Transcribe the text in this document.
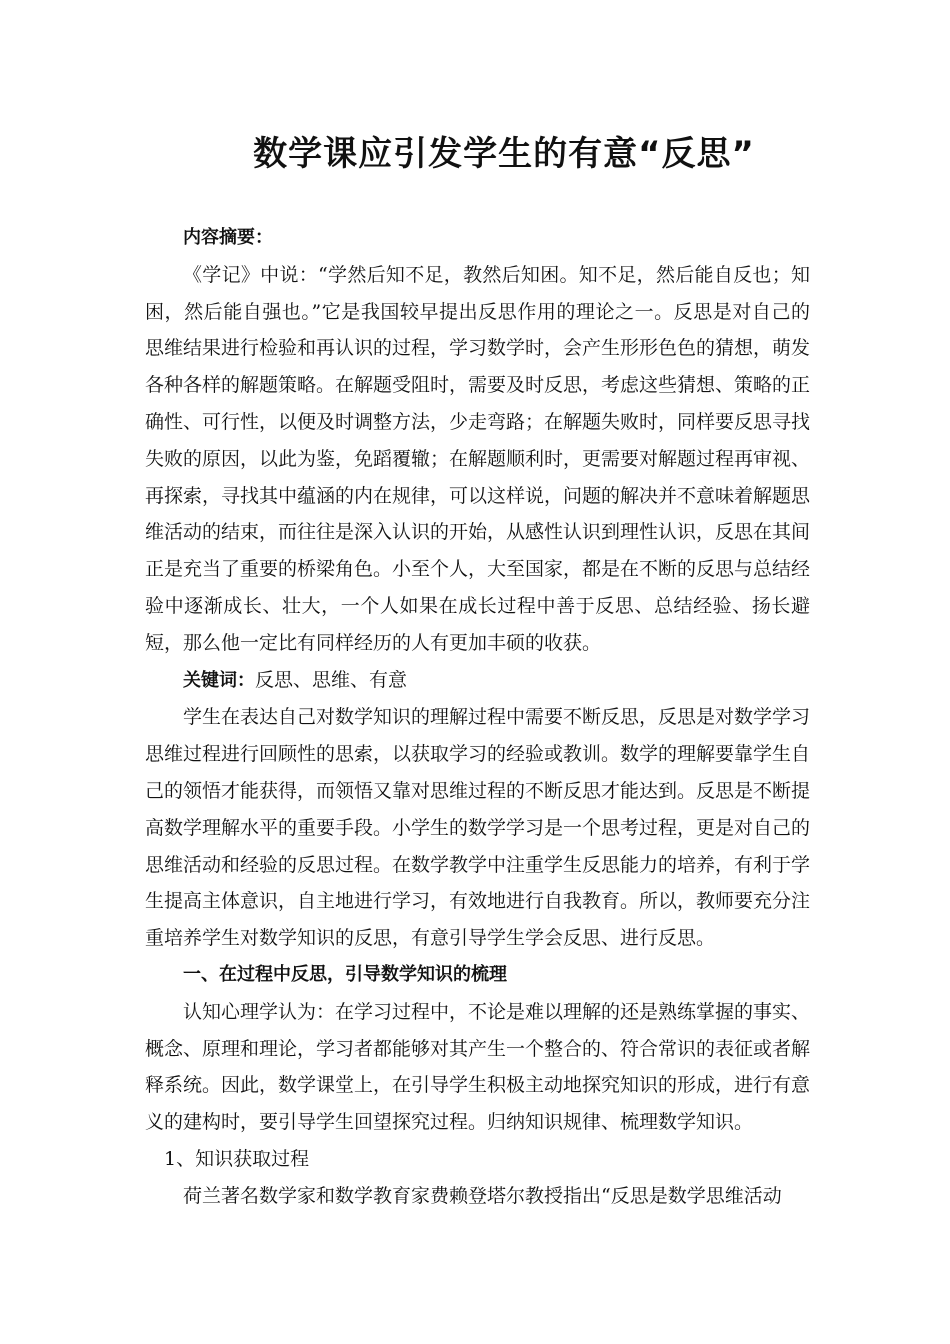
数学课应引发学生的有意“反思”

内容摘要：

《学记》中说：“学然后知不足，教然后知困。知不足，然后能自反也；知困，然后能自强也。”它是我国较早提出反思作用的理论之一。反思是对自己的思维结果进行检验和再认识的过程，学习数学时，会产生形形色色的猜想，萌发各种各样的解题策略。在解题受阻时，需要及时反思，考虑这些猜想、策略的正确性、可行性，以便及时调整方法，少走弯路；在解题失败时，同样要反思寻找失败的原因，以此为鉴，免蹈覆辙；在解题顺利时，更需要对解题过程再审视、再探索，寻找其中蕴涵的内在规律，可以这样说，问题的解决并不意味着解题思维活动的结束，而往往是深入认识的开始，从感性认识到理性认识，反思在其间正是充当了重要的桥梁角色。小至个人，大至国家，都是在不断的反思与总结经验中逐渐成长、壮大，一个人如果在成长过程中善于反思、总结经验、扬长避短，那么他一定比有同样经历的人有更加丰硕的收获。

关键词：反思、思维、有意

学生在表达自己对数学知识的理解过程中需要不断反思，反思是对数学学习思维过程进行回顾性的思索，以获取学习的经验或教训。数学的理解要靠学生自己的领悟才能获得，而领悟又靠对思维过程的不断反思才能达到。反思是不断提高数学理解水平的重要手段。小学生的数学学习是一个思考过程，更是对自己的思维活动和经验的反思过程。在数学教学中注重学生反思能力的培养，有利于学生提高主体意识，自主地进行学习，有效地进行自我教育。所以，教师要充分注重培养学生对数学知识的反思，有意引导学生学会反思、进行反思。

一、在过程中反思，引导数学知识的梳理

认知心理学认为：在学习过程中，不论是难以理解的还是熟练掌握的事实、概念、原理和理论，学习者都能够对其产生一个整合的、符合常识的表征或者解释系统。因此，数学课堂上，在引导学生积极主动地探究知识的形成，进行有意义的建构时，要引导学生回望探究过程。归纳知识规律、梳理数学知识。

1、知识获取过程

荷兰著名数学家和数学教育家费赖登塔尔教授指出“反思是数学思维活动
